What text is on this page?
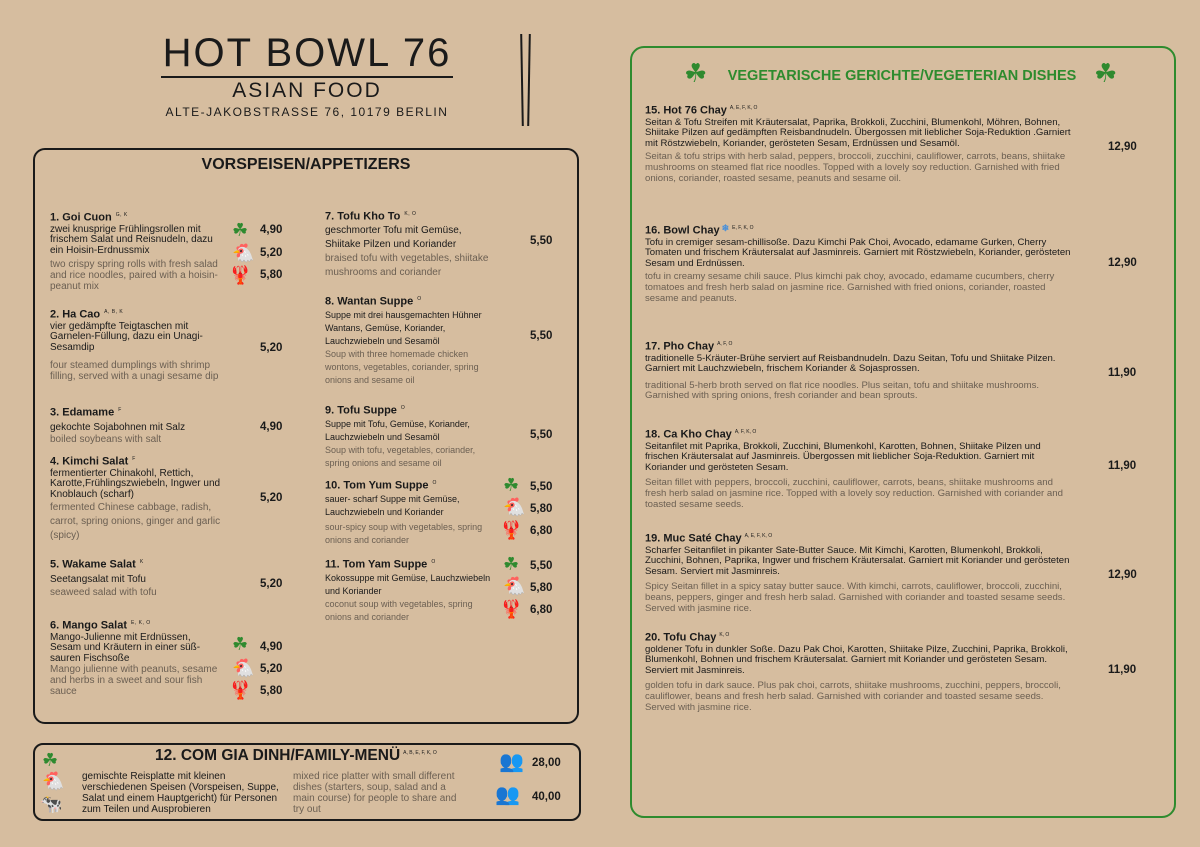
HOT BOWL 76
ASIAN FOOD
ALTE-JAKOBSTRASSE 76, 10179 BERLIN
VORSPEISEN/APPETIZERS
1. Goi Cuon $^{G, K}$
zwei knusprige Frühlingsrollen mit frischem Salat und Reisnudeln, dazu ein Hoisin-Erdnussmix
two crispy spring rolls with fresh salad and rice noodles, paired with a hoisin-peanut mix
☘ 4,90
🐔 5,20
🦞 5,80
2. Ha Cao $^{A, B, K}$
vier gedämpfte Teigtaschen mit Garnelen-Füllung, dazu ein Unagi-Sesamdip
four steamed dumplings with shrimp filling, served with a unagi sesame dip
5,20
3. Edamame $^F$
gekochte Sojabohnen mit Salz
boiled soybeans with salt
4,90
4. Kimchi Salat $^F$
fermentierter Chinakohl, Rettich, Karotte,Frühlingszwiebeln, Ingwer und Knoblauch (scharf)
fermented Chinese cabbage, radish, carrot, spring onions, ginger and garlic (spicy)
5,20
5. Wakame Salat $^K$
Seetangsalat mit Tofu
seaweed salad with tofu
5,20
6. Mango Salat $^{E, K, O}$
Mango-Julienne mit Erdnüssen, Sesam und Kräutern in einer süß-sauren Fischsoße
Mango julienne with peanuts, sesame and herbs in a sweet and sour fish sauce
☘ 4,90
🐔 5,20
🦞 5,80
7. Tofu Kho To $^{K, O}$
geschmorter Tofu mit Gemüse, Shiitake Pilzen und Koriander
braised tofu with vegetables, shiitake mushrooms and coriander
5,50
8. Wantan Suppe $^O$
Suppe mit drei hausgemachten Hühner Wantans, Gemüse, Koriander, Lauchzwiebeln und Sesamöl
Soup with three homemade chicken wontons, vegetables, coriander, spring onions and sesame oil
5,50
9. Tofu Suppe $^O$
Suppe mit Tofu, Gemüse, Koriander, Lauchzwiebeln und Sesamöl
Soup with tofu, vegetables, coriander, spring onions and sesame oil
5,50
10. Tom Yum Suppe $^O$
sauer- scharf Suppe mit Gemüse, Lauchzwiebeln und Koriander
sour-spicy soup with vegetables, spring onions and coriander
☘ 5,50
🐔 5,80
🦞 6,80
11. Tom Yam Suppe $^O$
Kokossuppe mit Gemüse, Lauchzwiebeln und Koriander
coconut soup with vegetables, spring onions and coriander
☘ 5,50
🐔 5,80
🦞 6,80
☘
🐔
🐄
12. COM GIA DINH/FAMILY-MENÜ $^{A, B, E, F, K, O}$
gemischte Reisplatte mit kleinen verschiedenen Speisen (Vorspeisen, Suppe, Salat und einem Hauptgericht) für Personen zum Teilen und Ausprobieren
mixed rice platter with small different dishes (starters, soup, salad and a main course) for people to share and try out
👥 28,00
👥 40,00
☘	VEGETARISCHE GERICHTE/VEGETERIAN DISHES ☘
15. Hot 76 Chay $^{A, E, F, K, O}$
Seitan & Tofu Streifen mit Kräutersalat, Paprika, Brokkoli, Zucchini, Blumenkohl, Möhren, Bohnen, Shiitake Pilzen auf gedämpften Reisbandnudeln. Übergossen mit lieblicher Soja-Reduktion .Garniert mit Röstzwiebeln, Koriander, gerösteten Sesam, Erdnüssen und Sesamöl.
Seitan & tofu strips with herb salad, peppers, broccoli, zucchini, cauliflower, carrots, beans, shiitake mushrooms on steamed flat rice noodles. Topped with a lovely soy reduction. Garnished with fried onions, coriander, roasted sesame, peanuts and sesame oil.
12,90
16. Bowl Chay ❄ $^{E, F, K, O}$
Tofu in cremiger sesam-chillisoße. Dazu Kimchi Pak Choi, Avocado, edamame Gurken, Cherry Tomaten und frischem Kräutersalat auf Jasminreis. Garniert mit Röstzwiebeln, Koriander, gerösteten Sesam und Erdnüssen.
tofu in creamy sesame chili sauce. Plus kimchi pak choy, avocado, edamame cucumbers, cherry tomatoes and fresh herb salad on jasmine rice. Garnished with fried onions, coriander, roasted sesame and peanuts.
12,90
17. Pho Chay $^{A, F, O}$
traditionelle 5-Kräuter-Brühe serviert auf Reisbandnudeln. Dazu Seitan, Tofu und Shiitake Pilzen. Garniert mit Lauchzwiebeln, frischem Koriander & Sojasprossen.
traditional 5-herb broth served on flat rice noodles. Plus seitan, tofu and shiitake mushrooms. Garnished with spring onions, fresh coriander and bean sprouts.
11,90
18. Ca Kho Chay $^{A, F, K, O}$
Seitanfilet mit Paprika, Brokkoli, Zucchini, Blumenkohl, Karotten, Bohnen, Shiitake Pilzen und frischen Kräutersalat auf Jasminreis. Übergossen mit lieblicher Soja-Reduktion. Garniert mit Koriander und gerösteten Sesam.
Seitan fillet with peppers, broccoli, zucchini, cauliflower, carrots, beans, shiitake mushrooms and fresh herb salad on jasmine rice. Topped with a lovely soy reduction. Garnished with coriander and toasted sesame seeds.
11,90
19. Muc Saté Chay $^{A, E, F, K, O}$
Scharfer Seitanfilet in pikanter Sate-Butter Sauce. Mit Kimchi, Karotten, Blumenkohl, Brokkoli, Zucchini, Bohnen, Paprika, Ingwer und frischem Kräutersalat. Garniert mit Koriander und gerösteten Sesam. Serviert mit Jasminreis.
Spicy Seitan fillet in a spicy satay butter sauce. With kimchi, carrots, cauliflower, broccoli, zucchini, beans, peppers, ginger and fresh herb salad. Garnished with coriander and toasted sesame seeds. Served with jasmine rice.
12,90
20. Tofu Chay $^{K, O}$
goldener Tofu in dunkler Soße. Dazu Pak Choi, Karotten, Shiitake Pilze, Zucchini, Paprika, Brokkoli, Blumenkohl, Bohnen und frischem Kräutersalat. Garniert mit Koriander und gerösteten Sesam. Serviert mit Jasminreis.
golden tofu in dark sauce. Plus pak choi, carrots, shiitake mushrooms, zucchini, peppers, broccoli, cauliflower, beans and fresh herb salad. Garnished with coriander and toasted sesame seeds. Served with jasmine rice.
11,90
